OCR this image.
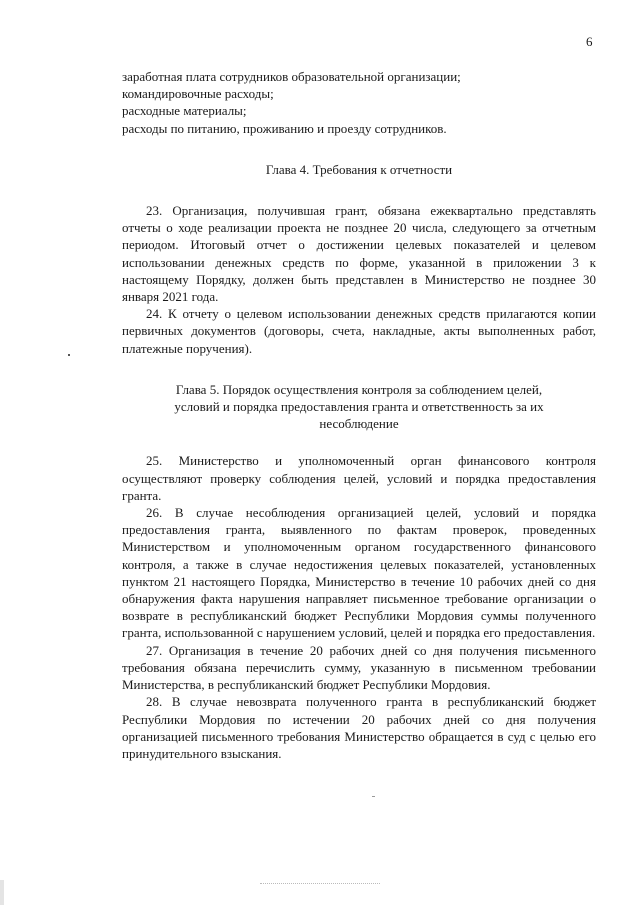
6

заработная плата сотрудников образовательной организации;

командировочные расходы;

расходные материалы;

расходы по питанию, проживанию и проезду сотрудников.

Глава 4. Требования к отчетности

23. Организация, получившая грант, обязана ежеквартально представлять отчеты о ходе реализации проекта не позднее 20 числа, следующего за отчетным периодом. Итоговый отчет о достижении целевых показателей и целевом использовании денежных средств по форме, указанной в приложении 3 к настоящему Порядку, должен быть представлен в Министерство не позднее 30 января 2021 года.

24. К отчету о целевом использовании денежных средств прилагаются копии первичных документов (договоры, счета, накладные, акты выполненных работ, платежные поручения).

Глава 5. Порядок осуществления контроля за соблюдением целей,

условий и порядка предоставления гранта и ответственность за их

несоблюдение

25. Министерство и уполномоченный орган финансового контроля осуществляют проверку соблюдения целей, условий и порядка предоставления гранта.

26. В случае несоблюдения организацией целей, условий и порядка предоставления гранта, выявленного по фактам проверок, проведенных Министерством и уполномоченным органом государственного финансового контроля, а также в случае недостижения целевых показателей, установленных пунктом 21 настоящего Порядка, Министерство в течение 10 рабочих дней со дня обнаружения факта нарушения направляет письменное требование организации о возврате в республиканский бюджет Республики Мордовия суммы полученного гранта, использованной с нарушением условий, целей и порядка его предоставления.

27. Организация в течение 20 рабочих дней со дня получения письменного требования обязана перечислить сумму, указанную в письменном требовании Министерства, в республиканский бюджет Республики Мордовия.

28. В случае невозврата полученного гранта в республиканский бюджет Республики Мордовия по истечении 20 рабочих дней со дня получения организацией письменного требования Министерство обращается в суд с целью его принудительного взыскания.
